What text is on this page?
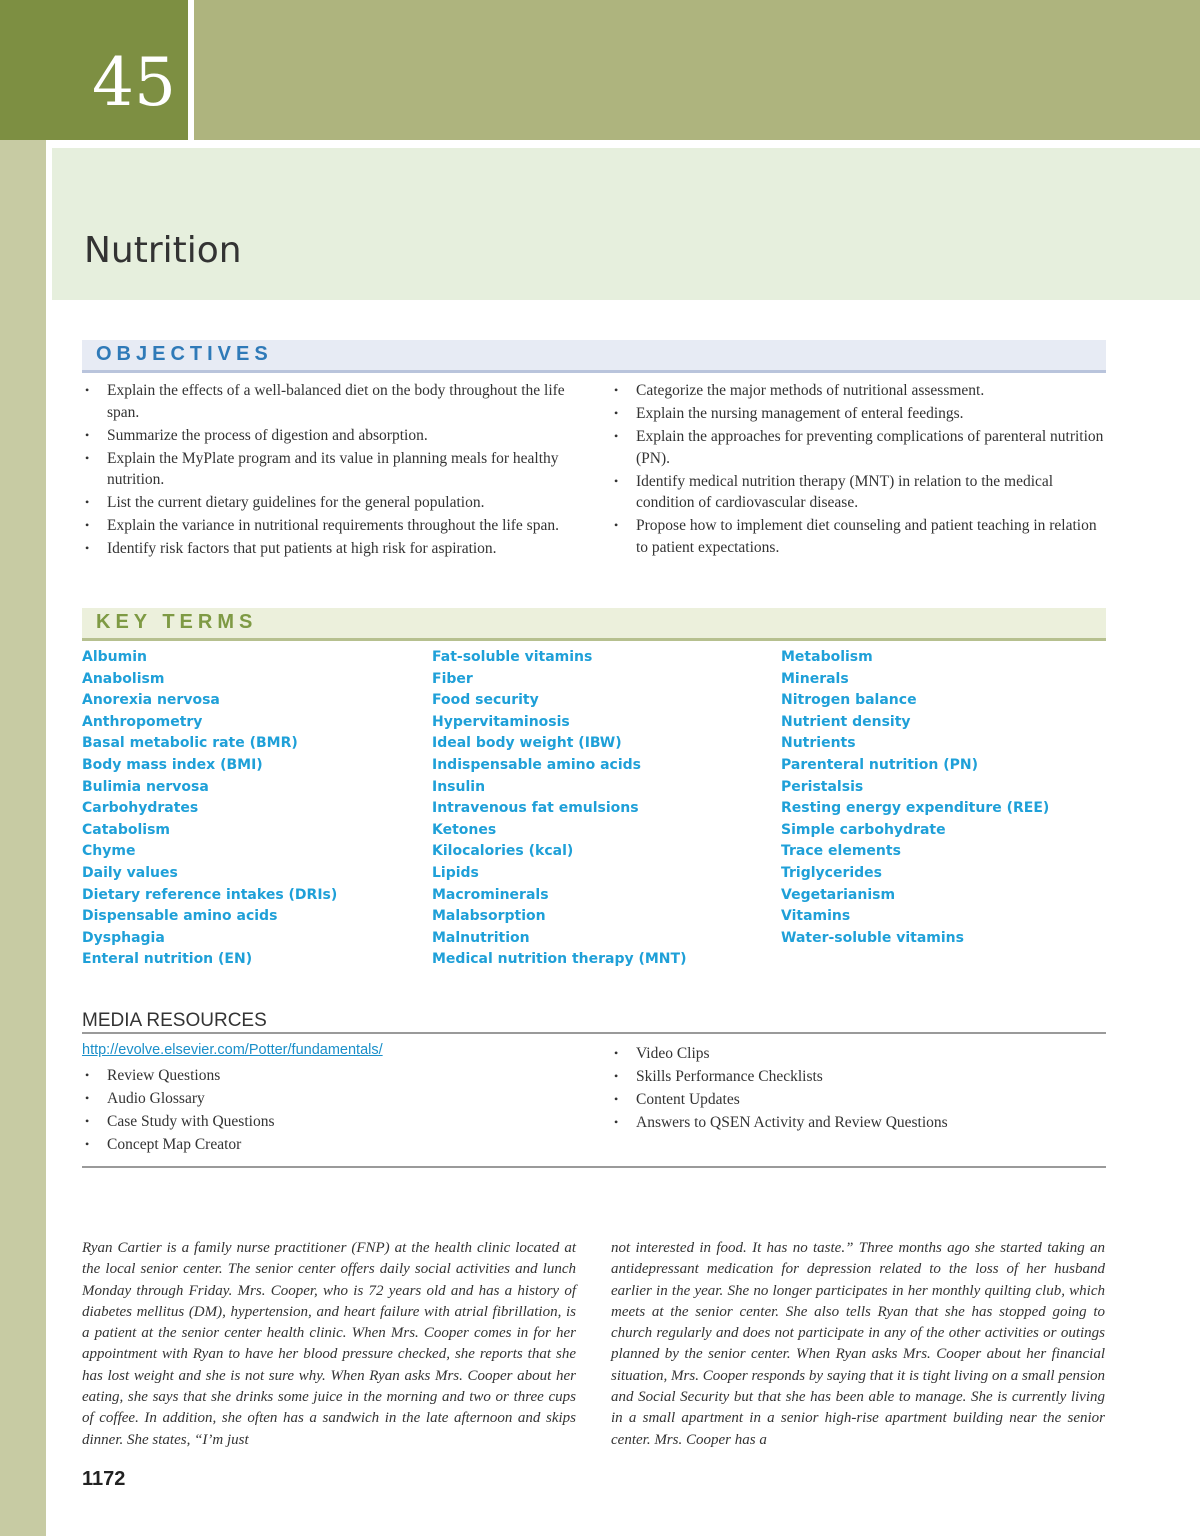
45
Nutrition
OBJECTIVES
• Explain the effects of a well-balanced diet on the body throughout the life span.
• Summarize the process of digestion and absorption.
• Explain the MyPlate program and its value in planning meals for healthy nutrition.
• List the current dietary guidelines for the general population.
• Explain the variance in nutritional requirements throughout the life span.
• Identify risk factors that put patients at high risk for aspiration.
• Categorize the major methods of nutritional assessment.
• Explain the nursing management of enteral feedings.
• Explain the approaches for preventing complications of parenteral nutrition (PN).
• Identify medical nutrition therapy (MNT) in relation to the medical condition of cardiovascular disease.
• Propose how to implement diet counseling and patient teaching in relation to patient expectations.
KEY TERMS
Albumin
Anabolism
Anorexia nervosa
Anthropometry
Basal metabolic rate (BMR)
Body mass index (BMI)
Bulimia nervosa
Carbohydrates
Catabolism
Chyme
Daily values
Dietary reference intakes (DRIs)
Dispensable amino acids
Dysphagia
Enteral nutrition (EN)
Fat-soluble vitamins
Fiber
Food security
Hypervitaminosis
Ideal body weight (IBW)
Indispensable amino acids
Insulin
Intravenous fat emulsions
Ketones
Kilocalories (kcal)
Lipids
Macrominerals
Malabsorption
Malnutrition
Medical nutrition therapy (MNT)
Metabolism
Minerals
Nitrogen balance
Nutrient density
Nutrients
Parenteral nutrition (PN)
Peristalsis
Resting energy expenditure (REE)
Simple carbohydrate
Trace elements
Triglycerides
Vegetarianism
Vitamins
Water-soluble vitamins
MEDIA RESOURCES
http://evolve.elsevier.com/Potter/fundamentals/
• Review Questions
• Audio Glossary
• Case Study with Questions
• Concept Map Creator
• Video Clips
• Skills Performance Checklists
• Content Updates
• Answers to QSEN Activity and Review Questions

Ryan Cartier is a family nurse practitioner (FNP) at the health clinic located at the local senior center. The senior center offers daily social activities and lunch Monday through Friday. Mrs. Cooper, who is 72 years old and has a history of diabetes mellitus (DM), hypertension, and heart failure with atrial fibrillation, is a patient at the senior center health clinic. When Mrs. Cooper comes in for her appointment with Ryan to have her blood pressure checked, she reports that she has lost weight and she is not sure why. When Ryan asks Mrs. Cooper about her eating, she says that she drinks some juice in the morning and two or three cups of coffee. In addition, she often has a sandwich in the late afternoon and skips dinner. She states, “I’m just

not interested in food. It has no taste.” Three months ago she started taking an antidepressant medication for depression related to the loss of her husband earlier in the year. She no longer participates in her monthly quilting club, which meets at the senior center. She also tells Ryan that she has stopped going to church regularly and does not participate in any of the other activities or outings planned by the senior center. When Ryan asks Mrs. Cooper about her financial situation, Mrs. Cooper responds by saying that it is tight living on a small pension and Social Security but that she has been able to manage. She is currently living in a small apartment in a senior high-rise apartment building near the senior center. Mrs. Cooper has a

1172
